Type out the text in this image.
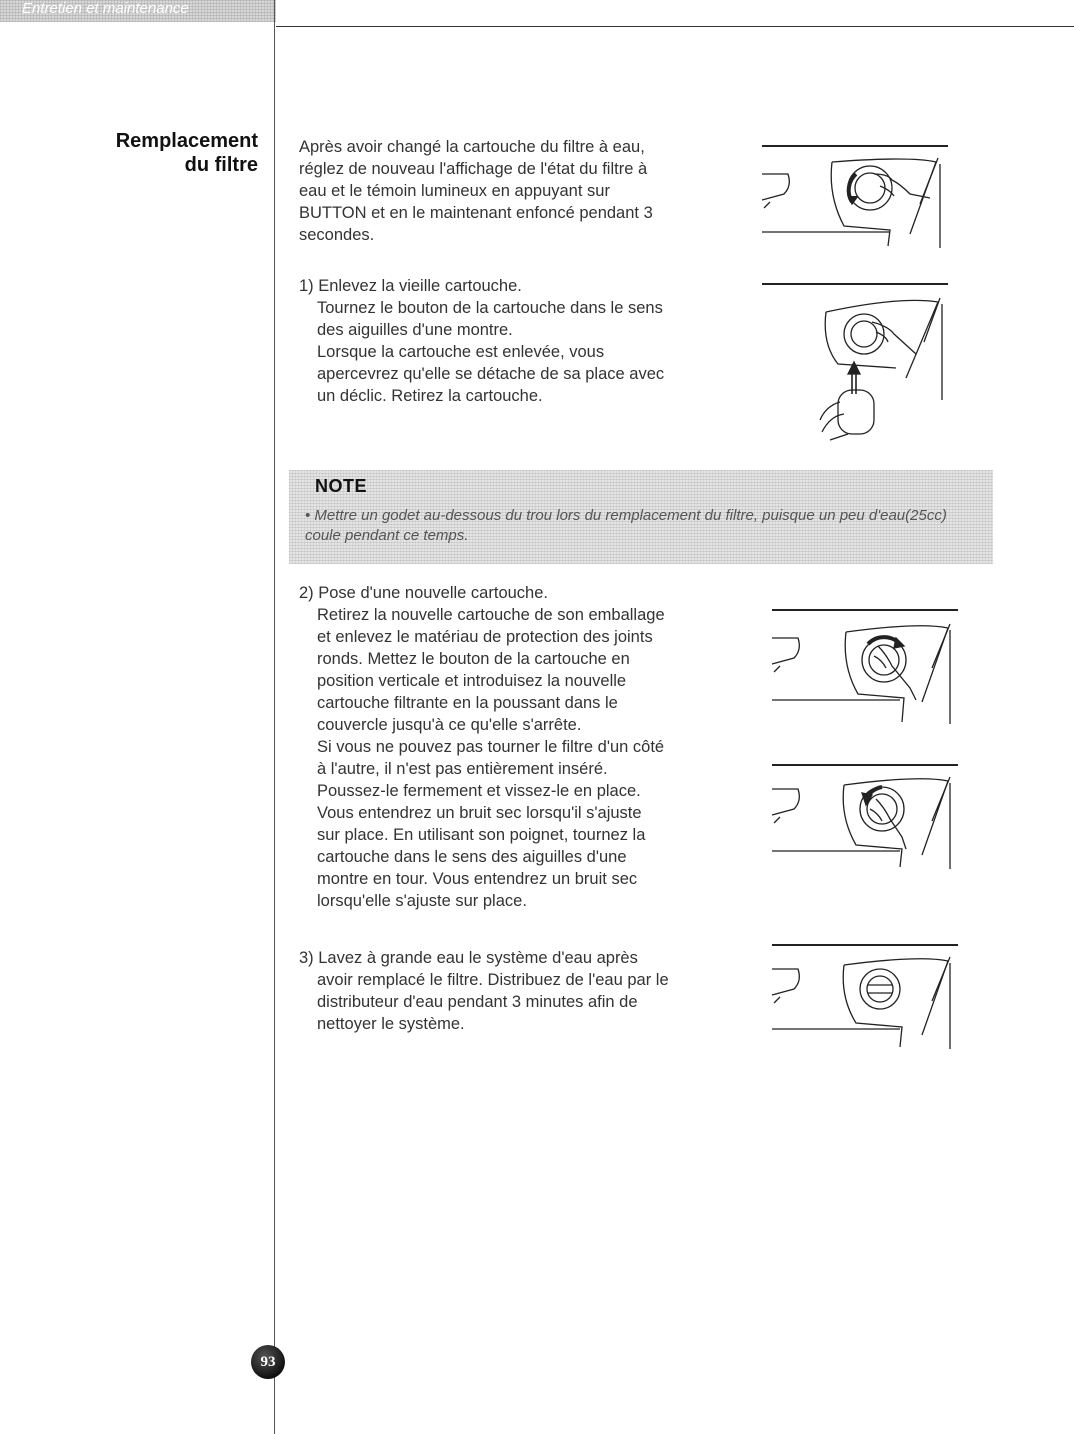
Entretien et maintenance
Remplacement
du filtre

Après avoir changé la cartouche du filtre à eau,

réglez de nouveau l'affichage de l'état du filtre à

eau et le témoin lumineux en appuyant sur

BUTTON et en le maintenant enfoncé pendant 3

secondes.

1) Enlevez la vieille cartouche.

Tournez le bouton de la cartouche dans le sens

des aiguilles d'une montre.

Lorsque la cartouche est enlevée, vous

apercevrez qu'elle se détache de sa place avec

un déclic. Retirez la cartouche.

NOTE
• Mettre un godet au-dessous du trou lors du remplacement du filtre, puisque un peu d'eau(25cc) coule pendant ce temps.

2) Pose d'une nouvelle cartouche.

Retirez la nouvelle cartouche de son emballage

et enlevez le matériau de protection des joints

ronds. Mettez le bouton de la cartouche en

position verticale et introduisez la nouvelle

cartouche filtrante en la poussant dans le

couvercle jusqu'à ce qu'elle s'arrête.

Si vous ne pouvez pas tourner le filtre d'un côté

à l'autre, il n'est pas entièrement inséré.

Poussez-le fermement et vissez-le en place.

Vous entendrez un bruit sec lorsqu'il s'ajuste

sur place. En utilisant son poignet, tournez la

cartouche dans le sens des aiguilles d'une

montre en tour. Vous entendrez un bruit sec

lorsqu'elle s'ajuste sur place.

3) Lavez à grande eau le système d'eau après

avoir remplacé le filtre. Distribuez de l'eau par le

distributeur d'eau pendant 3 minutes afin de

nettoyer le système.

93
